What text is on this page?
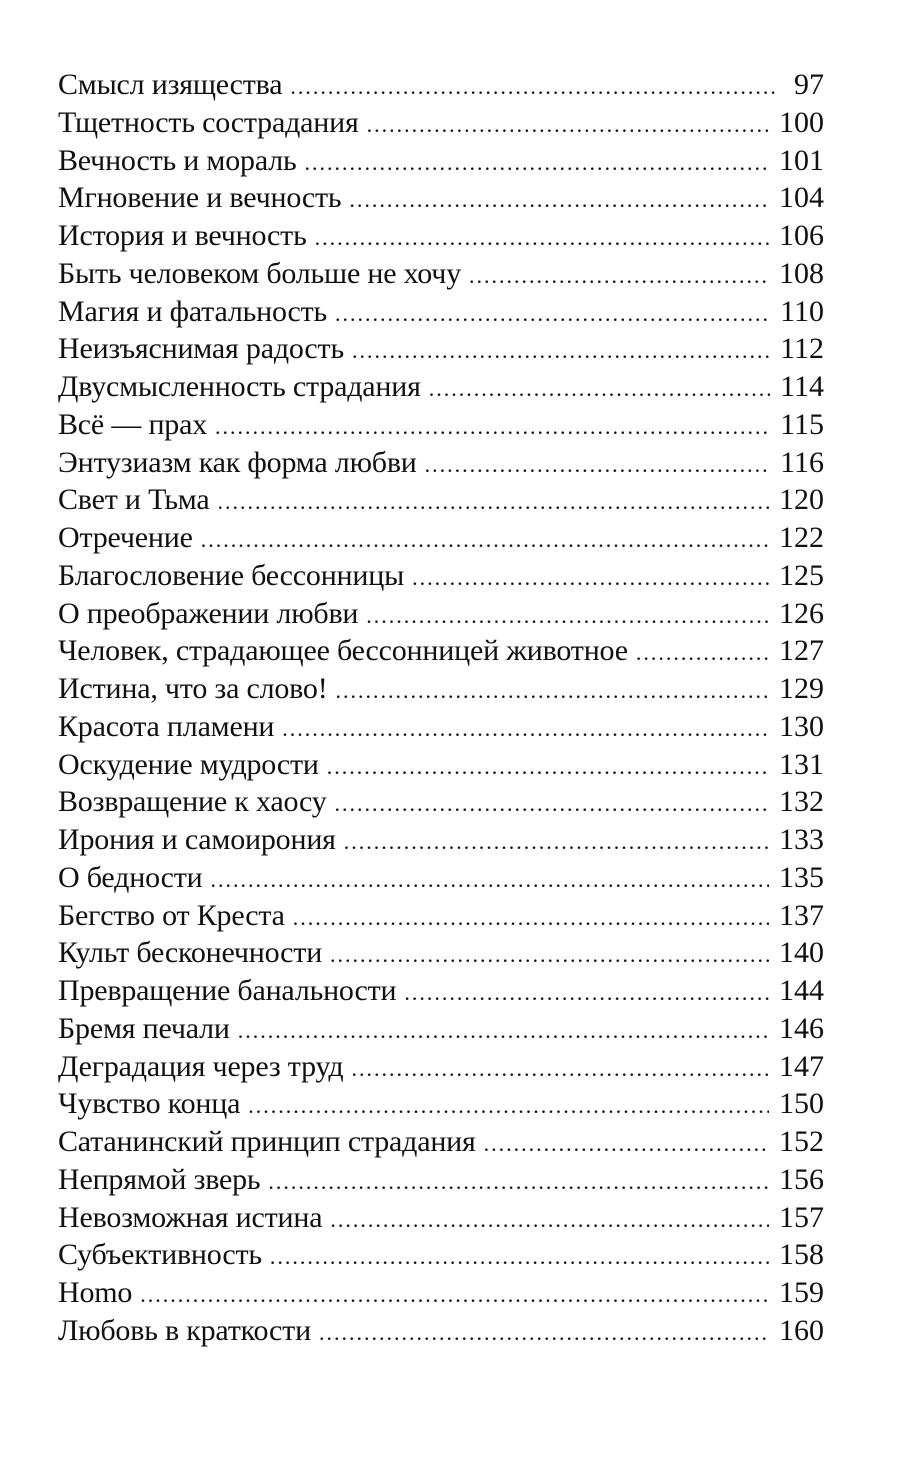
Смысл изящества .....	97
Тщетность сострадания .....	100
Вечность и мораль .....	101
Мгновение и вечность .....	104
История и вечность .....	106
Быть человеком больше не хочу .....	108
Магия и фатальность .....	110
Неизъяснимая радость .....	112
Двусмысленность страдания .....	114
Всё — прах .....	115
Энтузиазм как форма любви .....	116
Свет и Тьма .....	120
Отречение .....	122
Благословение бессонницы .....	125
О преображении любви .....	126
Человек, страдающее бессонницей животное .....	127
Истина, что за слово! .....	129
Красота пламени .....	130
Оскудение мудрости .....	131
Возвращение к хаосу .....	132
Ирония и самоирония .....	133
О бедности .....	135
Бегство от Креста .....	137
Культ бесконечности .....	140
Превращение банальности .....	144
Бремя печали .....	146
Деградация через труд .....	147
Чувство конца .....	150
Сатанинский принцип страдания .....	152
Непрямой зверь .....	156
Невозможная истина .....	157
Субъективность .....	158
Homo .....	159
Любовь в краткости .....	160
